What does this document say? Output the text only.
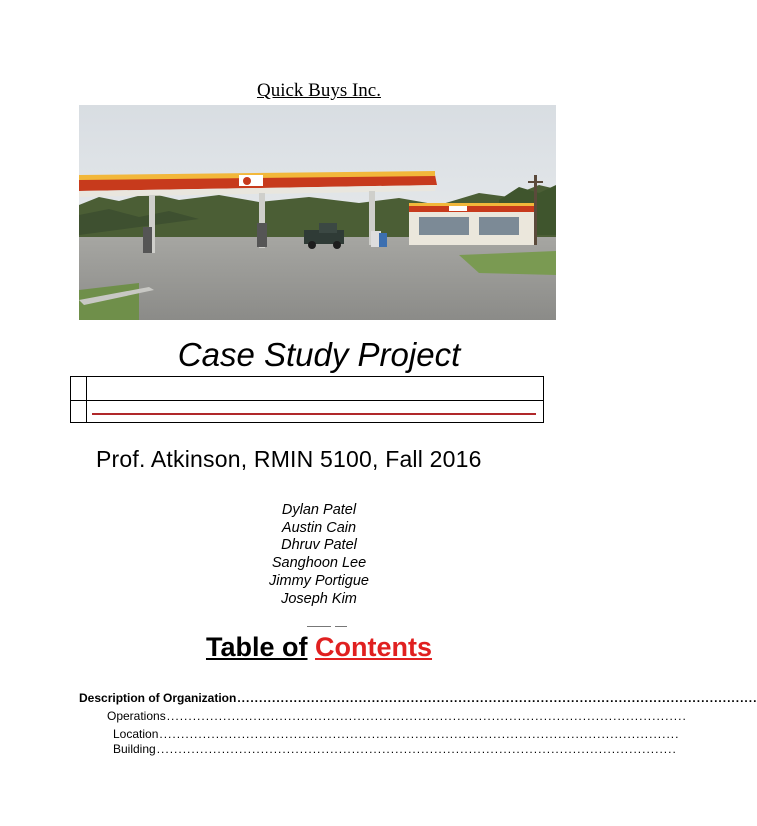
Quick Buys Inc.
Case Study Project
Prof. Atkinson, RMIN 5100, Fall 2016
Dylan Patel
Austin Cain
Dhruv Patel
Sanghoon Lee
Jimmy Portigue
Joseph Kim
Table of Contents
Description of Organization........................................................................................................................
Operations........................................................................................................................
Location........................................................................................................................
Building........................................................................................................................
